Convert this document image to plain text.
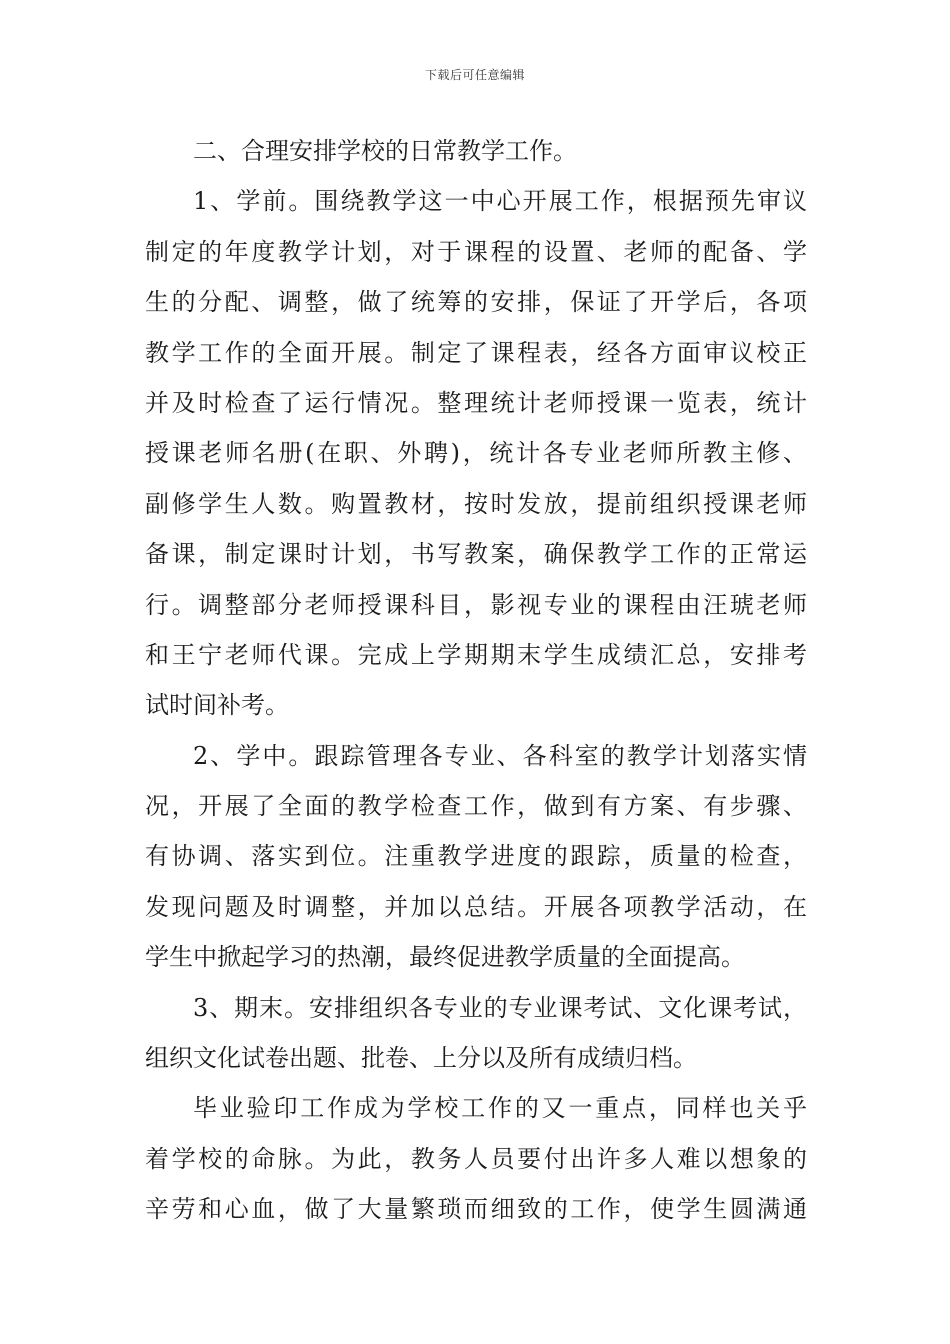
下载后可任意编辑
二、合理安排学校的日常教学工作。
1、学前。围绕教学这一中心开展工作，根据预先审议
制定的年度教学计划，对于课程的设置、老师的配备、学
生的分配、调整，做了统筹的安排，保证了开学后，各项
教学工作的全面开展。制定了课程表，经各方面审议校正
并及时检查了运行情况。整理统计老师授课一览表，统计
授课老师名册(在职、外聘)，统计各专业老师所教主修、
副修学生人数。购置教材，按时发放，提前组织授课老师
备课，制定课时计划，书写教案，确保教学工作的正常运
行。调整部分老师授课科目，影视专业的课程由汪琥老师
和王宁老师代课。完成上学期期末学生成绩汇总，安排考
试时间补考。
2、学中。跟踪管理各专业、各科室的教学计划落实情
况，开展了全面的教学检查工作，做到有方案、有步骤、
有协调、落实到位。注重教学进度的跟踪，质量的检查，
发现问题及时调整，并加以总结。开展各项教学活动，在
学生中掀起学习的热潮，最终促进教学质量的全面提高。
3、期末。安排组织各专业的专业课考试、文化课考试，
组织文化试卷出题、批卷、上分以及所有成绩归档。
毕业验印工作成为学校工作的又一重点，同样也关乎
着学校的命脉。为此，教务人员要付出许多人难以想象的
辛劳和心血，做了大量繁琐而细致的工作，使学生圆满通
